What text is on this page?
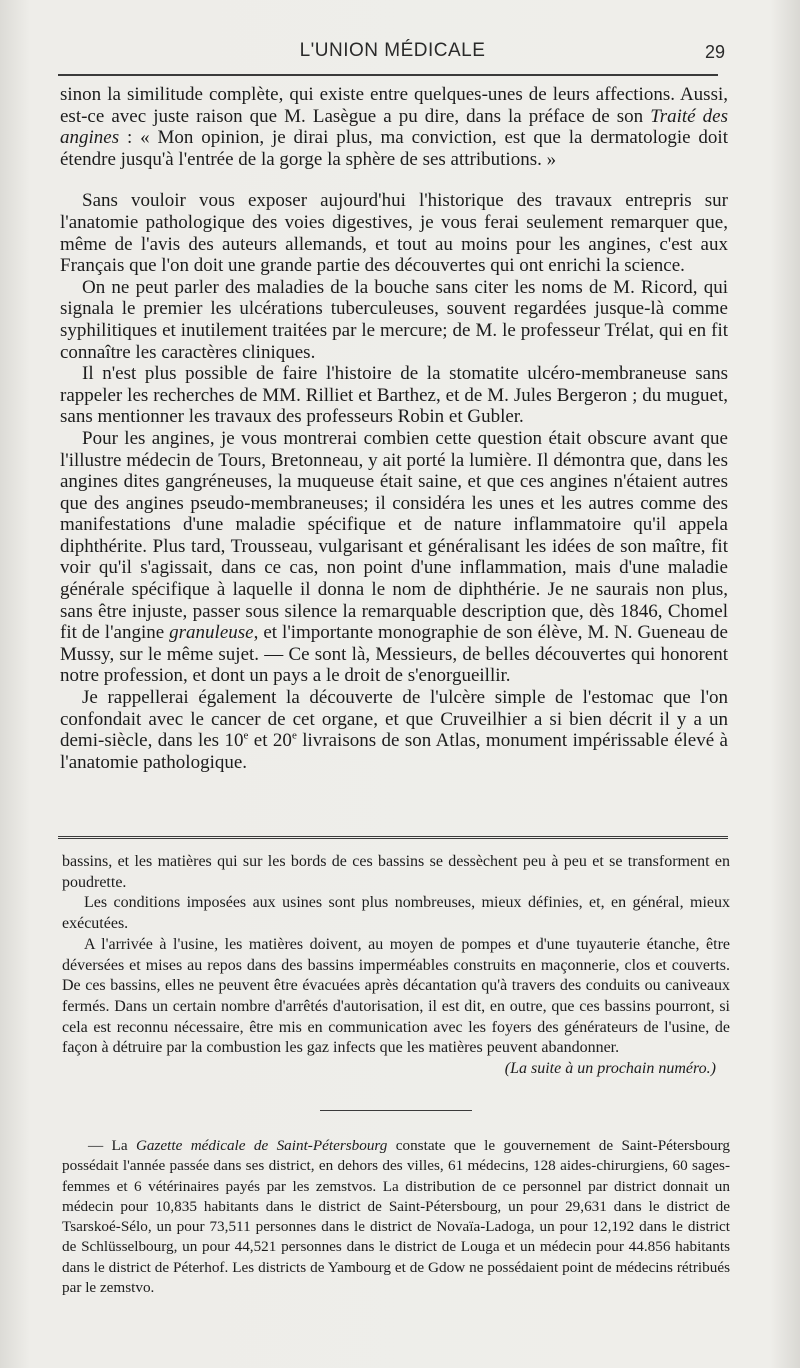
L'UNION MÉDICALE	29

sinon la similitude complète, qui existe entre quelques-unes de leurs affections. Aussi, est-ce avec juste raison que M. Lasègue a pu dire, dans la préface de son Traité des angines : « Mon opinion, je dirai plus, ma conviction, est que la dermatologie doit étendre jusqu'à l'entrée de la gorge la sphère de ses attributions. »

Sans vouloir vous exposer aujourd'hui l'historique des travaux entrepris sur l'anatomie pathologique des voies digestives, je vous ferai seulement remarquer que, même de l'avis des auteurs allemands, et tout au moins pour les angines, c'est aux Français que l'on doit une grande partie des découvertes qui ont enrichi la science.

On ne peut parler des maladies de la bouche sans citer les noms de M. Ricord, qui signala le premier les ulcérations tuberculeuses, souvent regardées jusque-là comme syphilitiques et inutilement traitées par le mercure; de M. le professeur Trélat, qui en fit connaître les caractères cliniques.

Il n'est plus possible de faire l'histoire de la stomatite ulcéro-membraneuse sans rappeler les recherches de MM. Rilliet et Barthez, et de M. Jules Bergeron ; du muguet, sans mentionner les travaux des professeurs Robin et Gubler.

Pour les angines, je vous montrerai combien cette question était obscure avant que l'illustre médecin de Tours, Bretonneau, y ait porté la lumière. Il démontra que, dans les angines dites gangréneuses, la muqueuse était saine, et que ces angines n'étaient autres que des angines pseudo-membraneuses; il considéra les unes et les autres comme des manifestations d'une maladie spécifique et de nature inflammatoire qu'il appela diphthérite. Plus tard, Trousseau, vulgarisant et généralisant les idées de son maître, fit voir qu'il s'agissait, dans ce cas, non point d'une inflammation, mais d'une maladie générale spécifique à laquelle il donna le nom de diphthérie. Je ne saurais non plus, sans être injuste, passer sous silence la remarquable description que, dès 1846, Chomel fit de l'angine granuleuse, et l'importante monographie de son élève, M. N. Gueneau de Mussy, sur le même sujet. — Ce sont là, Messieurs, de belles découvertes qui honorent notre profession, et dont un pays a le droit de s'enorgueillir.

Je rappellerai également la découverte de l'ulcère simple de l'estomac que l'on confondait avec le cancer de cet organe, et que Cruveilhier a si bien décrit il y a un demi-siècle, dans les 10e et 20e livraisons de son Atlas, monument impérissable élevé à l'anatomie pathologique.

bassins, et les matières qui sur les bords de ces bassins se dessèchent peu à peu et se transforment en poudrette.

Les conditions imposées aux usines sont plus nombreuses, mieux définies, et, en général, mieux exécutées.

A l'arrivée à l'usine, les matières doivent, au moyen de pompes et d'une tuyauterie étanche, être déversées et mises au repos dans des bassins imperméables construits en maçonnerie, clos et couverts. De ces bassins, elles ne peuvent être évacuées après décantation qu'à travers des conduits ou caniveaux fermés. Dans un certain nombre d'arrêtés d'autorisation, il est dit, en outre, que ces bassins pourront, si cela est reconnu nécessaire, être mis en communication avec les foyers des générateurs de l'usine, de façon à détruire par la combustion les gaz infects que les matières peuvent abandonner.

(La suite à un prochain numéro.)

— La Gazette médicale de Saint-Pétersbourg constate que le gouvernement de Saint-Pétersbourg possédait l'année passée dans ses district, en dehors des villes, 61 médecins, 128 aides-chirurgiens, 60 sages-femmes et 6 vétérinaires payés par les zemstvos. La distribution de ce personnel par district donnait un médecin pour 10,835 habitants dans le district de Saint-Pétersbourg, un pour 29,631 dans le district de Tsarskoé-Sélo, un pour 73,511 personnes dans le district de Novaïa-Ladoga, un pour 12,192 dans le district de Schlüsselbourg, un pour 44,521 personnes dans le district de Louga et un médecin pour 44.856 habitants dans le district de Péterhof. Les districts de Yambourg et de Gdow ne possédaient point de médecins rétribués par le zemstvo.
